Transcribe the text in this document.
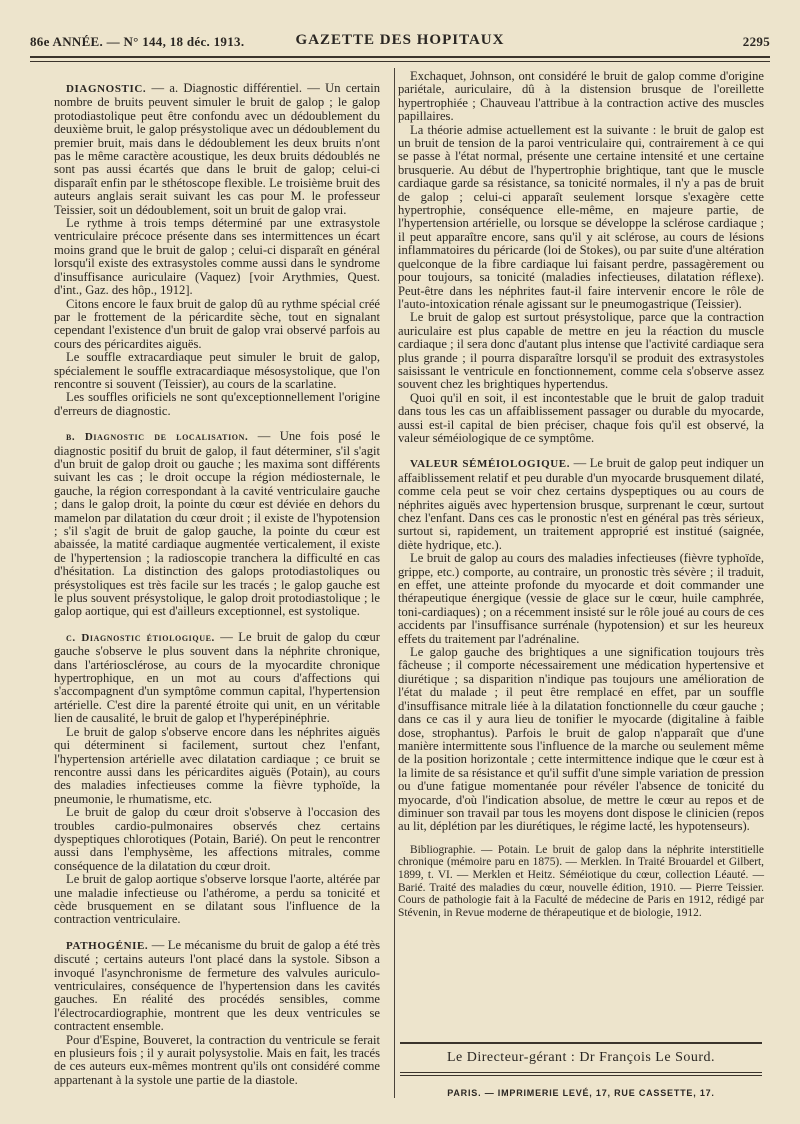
86e ANNÉE. — N° 144, 18 déc. 1913.	GAZETTE DES HOPITAUX	2295

DIAGNOSTIC. — a. Diagnostic différentiel. — Un certain nombre de bruits peuvent simuler le bruit de galop ; le galop protodiastolique peut être confondu avec un dédoublement du deuxième bruit, le galop présystolique avec un dédoublement du premier bruit, mais dans le dédoublement les deux bruits n'ont pas le même caractère acoustique, les deux bruits dédoublés ne sont pas aussi écartés que dans le bruit de galop; celui-ci disparaît enfin par le sthétoscope flexible. Le troisième bruit des auteurs anglais serait suivant les cas pour M. le professeur Teissier, soit un dédoublement, soit un bruit de galop vrai.

Le rythme à trois temps déterminé par une extrasystole ventriculaire précoce présente dans ses intermittences un écart moins grand que le bruit de galop ; celui-ci disparaît en général lorsqu'il existe des extrasystoles comme aussi dans le syndrome d'insuffisance auriculaire (Vaquez) [voir Arythmies, Quest. d'int., Gaz. des hôp., 1912].

Citons encore le faux bruit de galop dû au rythme spécial créé par le frottement de la péricardite sèche, tout en signalant cependant l'existence d'un bruit de galop vrai observé parfois au cours des péricardites aiguës.

Le souffle extracardiaque peut simuler le bruit de galop, spécialement le souffle extracardiaque mésosystolique, que l'on rencontre si souvent (Teissier), au cours de la scarlatine.

Les souffles orificiels ne sont qu'exceptionnellement l'origine d'erreurs de diagnostic.

b. Diagnostic de localisation. — Une fois posé le diagnostic positif du bruit de galop, il faut déterminer, s'il s'agit d'un bruit de galop droit ou gauche ; les maxima sont différents suivant les cas ; le droit occupe la région médiosternale, le gauche, la région correspondant à la cavité ventriculaire gauche ; dans le galop droit, la pointe du cœur est déviée en dehors du mamelon par dilatation du cœur droit ; il existe de l'hypotension ; s'il s'agit de bruit de galop gauche, la pointe du cœur est abaissée, la matité cardiaque augmentée verticalement, il existe de l'hypertension ; la radioscopie tranchera la difficulté en cas d'hésitation. La distinction des galops protodiastoliques ou présystoliques est très facile sur les tracés ; le galop gauche est le plus souvent présystolique, le galop droit protodiastolique ; le galop aortique, qui est d'ailleurs exceptionnel, est systolique.

c. Diagnostic étiologique. — Le bruit de galop du cœur gauche s'observe le plus souvent dans la néphrite chronique, dans l'artériosclérose, au cours de la myocardite chronique hypertrophique, en un mot au cours d'affections qui s'accompagnent d'un symptôme commun capital, l'hypertension artérielle. C'est dire la parenté étroite qui unit, en un véritable lien de causalité, le bruit de galop et l'hyperépinéphrie.

Le bruit de galop s'observe encore dans les néphrites aiguës qui déterminent si facilement, surtout chez l'enfant, l'hypertension artérielle avec dilatation cardiaque ; ce bruit se rencontre aussi dans les péricardites aiguës (Potain), au cours des maladies infectieuses comme la fièvre typhoïde, la pneumonie, le rhumatisme, etc.

Le bruit de galop du cœur droit s'observe à l'occasion des troubles cardio-pulmonaires observés chez certains dyspeptiques chlorotiques (Potain, Barié). On peut le rencontrer aussi dans l'emphysème, les affections mitrales, comme conséquence de la dilatation du cœur droit.

Le bruit de galop aortique s'observe lorsque l'aorte, altérée par une maladie infectieuse ou l'athérome, a perdu sa tonicité et cède brusquement en se dilatant sous l'influence de la contraction ventriculaire.

PATHOGÉNIE. — Le mécanisme du bruit de galop a été très discuté ; certains auteurs l'ont placé dans la systole. Sibson a invoqué l'asynchronisme de fermeture des valvules auriculo-ventriculaires, conséquence de l'hypertension dans les cavités gauches. En réalité des procédés sensibles, comme l'électrocardiographie, montrent que les deux ventricules se contractent ensemble.

Pour d'Espine, Bouveret, la contraction du ventricule se ferait en plusieurs fois ; il y aurait polysystolie. Mais en fait, les tracés de ces auteurs eux-mêmes montrent qu'ils ont considéré comme appartenant à la systole une partie de la diastole.

Exchaquet, Johnson, ont considéré le bruit de galop comme d'origine pariétale, auriculaire, dû à la distension brusque de l'oreillette hypertrophiée ; Chauveau l'attribue à la contraction active des muscles papillaires.

La théorie admise actuellement est la suivante : le bruit de galop est un bruit de tension de la paroi ventriculaire qui, contrairement à ce qui se passe à l'état normal, présente une certaine intensité et une certaine brusquerie. Au début de l'hypertrophie brightique, tant que le muscle cardiaque garde sa résistance, sa tonicité normales, il n'y a pas de bruit de galop ; celui-ci apparaît seulement lorsque s'exagère cette hypertrophie, conséquence elle-même, en majeure partie, de l'hypertension artérielle, ou lorsque se développe la sclérose cardiaque ; il peut apparaître encore, sans qu'il y ait sclérose, au cours de lésions inflammatoires du péricarde (loi de Stokes), ou par suite d'une altération quelconque de la fibre cardiaque lui faisant perdre, passagèrement ou pour toujours, sa tonicité (maladies infectieuses, dilatation réflexe). Peut-être dans les néphrites faut-il faire intervenir encore le rôle de l'auto-intoxication rénale agissant sur le pneumogastrique (Teissier).

Le bruit de galop est surtout présystolique, parce que la contraction auriculaire est plus capable de mettre en jeu la réaction du muscle cardiaque ; il sera donc d'autant plus intense que l'activité cardiaque sera plus grande ; il pourra disparaître lorsqu'il se produit des extrasystoles saisissant le ventricule en fonctionnement, comme cela s'observe assez souvent chez les brightiques hypertendus.

Quoi qu'il en soit, il est incontestable que le bruit de galop traduit dans tous les cas un affaiblissement passager ou durable du myocarde, aussi est-il capital de bien préciser, chaque fois qu'il est observé, la valeur séméiologique de ce symptôme.

VALEUR SÉMÉIOLOGIQUE. — Le bruit de galop peut indiquer un affaiblissement relatif et peu durable d'un myocarde brusquement dilaté, comme cela peut se voir chez certains dyspeptiques ou au cours de néphrites aiguës avec hypertension brusque, surprenant le cœur, surtout chez l'enfant. Dans ces cas le pronostic n'est en général pas très sérieux, surtout si, rapidement, un traitement approprié est institué (saignée, diète hydrique, etc.).

Le bruit de galop au cours des maladies infectieuses (fièvre typhoïde, grippe, etc.) comporte, au contraire, un pronostic très sévère ; il traduit, en effet, une atteinte profonde du myocarde et doit commander une thérapeutique énergique (vessie de glace sur le cœur, huile camphrée, toni-cardiaques) ; on a récemment insisté sur le rôle joué au cours de ces accidents par l'insuffisance surrénale (hypotension) et sur les heureux effets du traitement par l'adrénaline.

Le galop gauche des brightiques a une signification toujours très fâcheuse ; il comporte nécessairement une médication hypertensive et diurétique ; sa disparition n'indique pas toujours une amélioration de l'état du malade ; il peut être remplacé en effet, par un souffle d'insuffisance mitrale liée à la dilatation fonctionnelle du cœur gauche ; dans ce cas il y aura lieu de tonifier le myocarde (digitaline à faible dose, strophantus). Parfois le bruit de galop n'apparaît que d'une manière intermittente sous l'influence de la marche ou seulement même de la position horizontale ; cette intermittence indique que le cœur est à la limite de sa résistance et qu'il suffit d'une simple variation de pression ou d'une fatigue momentanée pour révéler l'absence de tonicité du myocarde, d'où l'indication absolue, de mettre le cœur au repos et de diminuer son travail par tous les moyens dont dispose le clinicien (repos au lit, déplétion par les diurétiques, le régime lacté, les hypotenseurs).

Bibliographie. — Potain. Le bruit de galop dans la néphrite interstitielle chronique (mémoire paru en 1875). — Merklen. In Traité Brouardel et Gilbert, 1899, t. VI. — Merklen et Heitz. Séméiotique du cœur, collection Léauté. — Barié. Traité des maladies du cœur, nouvelle édition, 1910. — Pierre Teissier. Cours de pathologie fait à la Faculté de médecine de Paris en 1912, rédigé par Stévenin, in Revue moderne de thérapeutique et de biologie, 1912.

Le Directeur-gérant : Dr François Le Sourd.
PARIS. — IMPRIMERIE LEVÉ, 17, RUE CASSETTE, 17.
